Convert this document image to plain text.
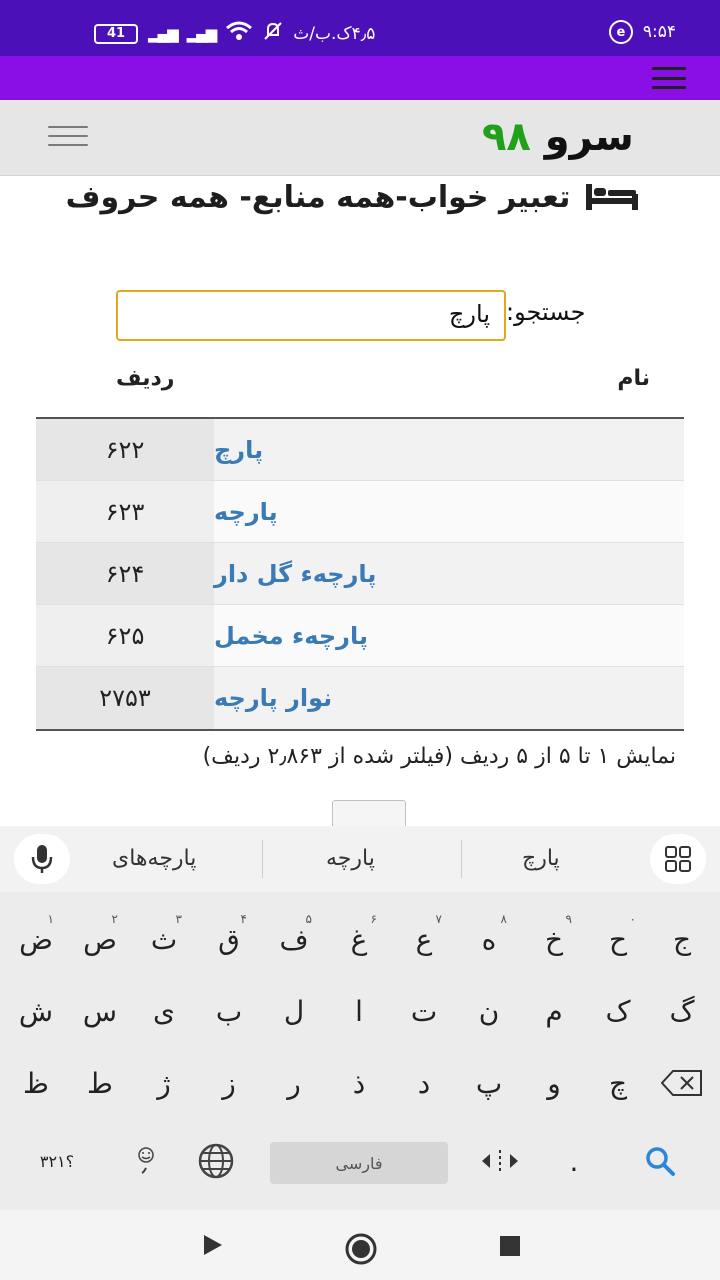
41	▂▄▆ ▂▄▆	۴٫۵ک.ب/ث	e	۹:۵۴
سرو ۹۸
تعبیر خواب-همه منابع- همه حروف
جستجو:
پارچ
نام
ردیف
۶۲۲	پارچ
۶۲۳	پارچه
۶۲۴	پارچهء گل دار
۶۲۵	پارچهء مخمل
۲۷۵۳	نوار پارچه
نمایش ۱ تا ۵ از ۵ ردیف (فیلتر شده از ۲٫۸۶۳ ردیف)
پارچه‌های	پارچه	پارچ
ج
۰
ح
۹
خ
۸
ه
۷
ع
۶
غ
۵
ف
۴
ق
۳
ث
۲
ص
۱
ض
گ
ک
م
ن
ت
ا
ل
ب
ی
س
ش
چ
و
پ
د
ذ
ر
ز
ژ
ط
ظ
؟۳۲۱	فارسی	.
